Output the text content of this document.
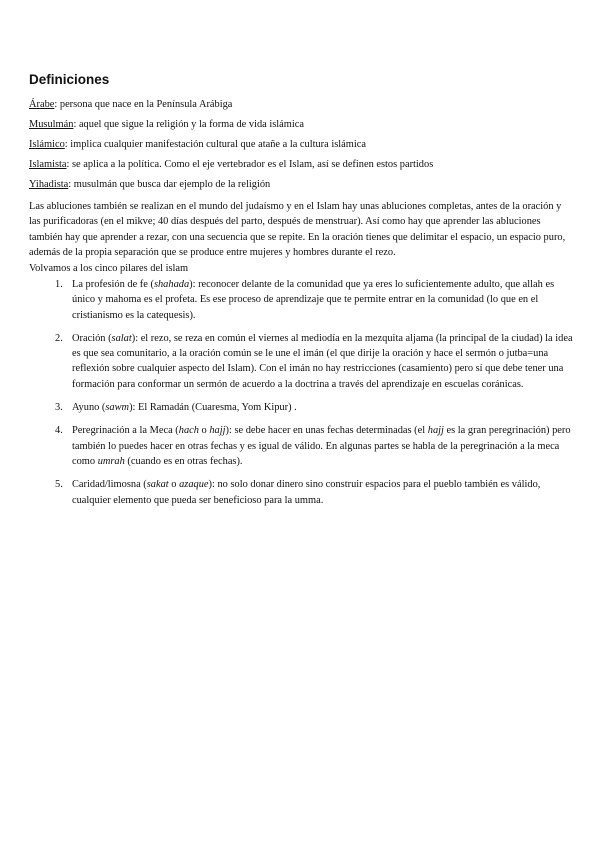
Definiciones

Árabe: persona que nace en la Península Arábiga

Musulmán: aquel que sigue la religión y la forma de vida islámica

Islámico: implica cualquier manifestación cultural que atañe a la cultura islámica

Islamista: se aplica a la política. Como el eje vertebrador es el Islam, así se definen estos partidos

Yihadista: musulmán que busca dar ejemplo de la religión

Las abluciones también se realizan en el mundo del judaísmo y en el Islam hay unas abluciones completas, antes de la oración y las purificadoras (en el mikve; 40 días después del parto, después de menstruar). Así como hay que aprender las abluciones también hay que aprender a rezar, con una secuencia que se repite. En la oración tienes que delimitar el espacio, un espacio puro, además de la propia separación que se produce entre mujeres y hombres durante el rezo.
Volvamos a los cinco pilares del islam

1. La profesión de fe (shahada): reconocer delante de la comunidad que ya eres lo suficientemente adulto, que allah es único y mahoma es el profeta. Es ese proceso de aprendizaje que te permite entrar en la comunidad (lo que en el cristianismo es la catequesis).
2. Oración (salat): el rezo, se reza en común el viernes al mediodía en la mezquita aljama (la principal de la ciudad) la idea es que sea comunitario, a la oración común se le une el imán (el que dirije la oración y hace el sermón o jutba=una reflexión sobre cualquier aspecto del Islam). Con el imán no hay restricciones (casamiento) pero sí que debe tener una formación para conformar un sermón de acuerdo a la doctrina a través del aprendizaje en escuelas coránicas.
3. Ayuno (sawm): El Ramadán (Cuaresma, Yom Kipur) .
4. Peregrinación a la Meca (hach o hajj): se debe hacer en unas fechas determinadas (el hajj es la gran peregrinación) pero también lo puedes hacer en otras fechas y es igual de válido. En algunas partes se habla de la peregrinación a la meca como umrah (cuando es en otras fechas).
5. Caridad/limosna (sakat o azaque): no solo donar dinero sino construir espacios para el pueblo también es válido, cualquier elemento que pueda ser beneficioso para la umma.
